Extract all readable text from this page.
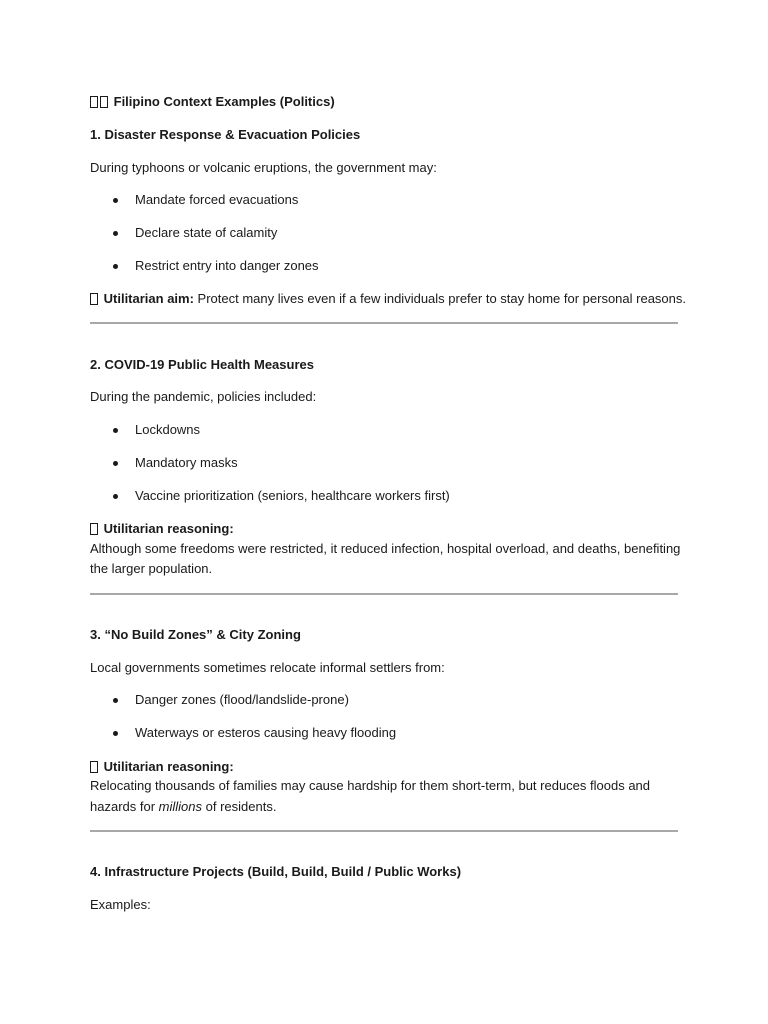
Filipino Context Examples (Politics)
1. Disaster Response & Evacuation Policies
During typhoons or volcanic eruptions, the government may:
Mandate forced evacuations
Declare state of calamity
Restrict entry into danger zones
Utilitarian aim: Protect many lives even if a few individuals prefer to stay home for personal reasons.
2. COVID-19 Public Health Measures
During the pandemic, policies included:
Lockdowns
Mandatory masks
Vaccine prioritization (seniors, healthcare workers first)
Utilitarian reasoning:
Although some freedoms were restricted, it reduced infection, hospital overload, and deaths, benefiting
the larger population.
3. “No Build Zones” & City Zoning
Local governments sometimes relocate informal settlers from:
Danger zones (flood/landslide-prone)
Waterways or esteros causing heavy flooding
Utilitarian reasoning:
Relocating thousands of families may cause hardship for them short-term, but reduces floods and
hazards for millions of residents.
4. Infrastructure Projects (Build, Build, Build / Public Works)
Examples:
